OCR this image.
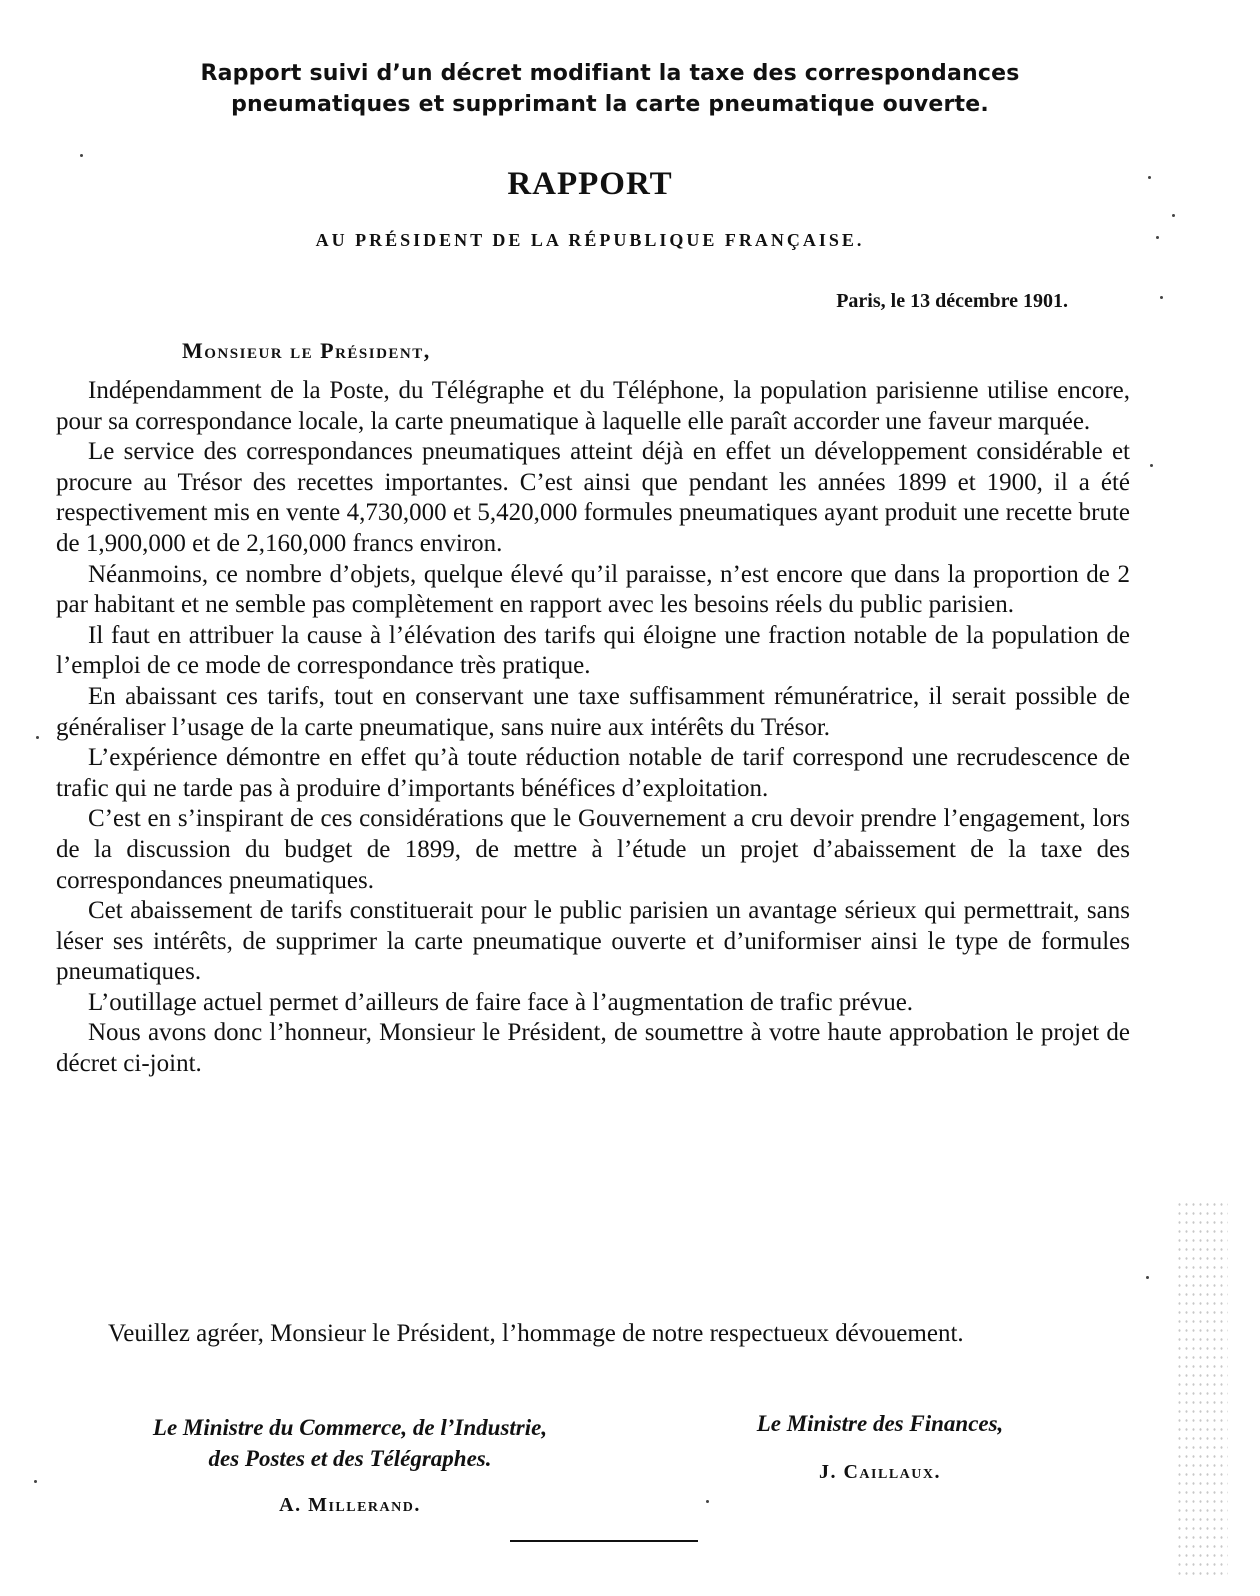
Rapport suivi d’un décret modifiant la taxe des correspondances
pneumatiques et supprimant la carte pneumatique ouverte.
RAPPORT
AU PRÉSIDENT DE LA RÉPUBLIQUE FRANÇAISE.
Paris, le 13 décembre 1901.
Monsieur le Président,

Indépendamment de la Poste, du Télégraphe et du Téléphone, la population parisienne utilise encore, pour sa correspondance locale, la carte pneumatique à laquelle elle paraît accorder une faveur marquée.

Le service des correspondances pneumatiques atteint déjà en effet un développement considérable et procure au Trésor des recettes importantes. C’est ainsi que pendant les années 1899 et 1900, il a été respectivement mis en vente 4,730,000 et 5,420,000 formules pneumatiques ayant produit une recette brute de 1,900,000 et de 2,160,000 francs environ.

Néanmoins, ce nombre d’objets, quelque élevé qu’il paraisse, n’est encore que dans la proportion de 2 par habitant et ne semble pas complètement en rapport avec les besoins réels du public parisien.

Il faut en attribuer la cause à l’élévation des tarifs qui éloigne une fraction notable de la population de l’emploi de ce mode de correspondance très pratique.

En abaissant ces tarifs, tout en conservant une taxe suffisamment rémunératrice, il serait possible de généraliser l’usage de la carte pneumatique, sans nuire aux intérêts du Trésor.

L’expérience démontre en effet qu’à toute réduction notable de tarif correspond une recrudescence de trafic qui ne tarde pas à produire d’importants bénéfices d’exploitation.

C’est en s’inspirant de ces considérations que le Gouvernement a cru devoir prendre l’engagement, lors de la discussion du budget de 1899, de mettre à l’étude un projet d’abaissement de la taxe des correspondances pneumatiques.

Cet abaissement de tarifs constituerait pour le public parisien un avantage sérieux qui permettrait, sans léser ses intérêts, de supprimer la carte pneumatique ouverte et d’uniformiser ainsi le type de formules pneumatiques.

L’outillage actuel permet d’ailleurs de faire face à l’augmentation de trafic prévue.

Nous avons donc l’honneur, Monsieur le Président, de soumettre à votre haute approbation le projet de décret ci-joint.

Veuillez agréer, Monsieur le Président, l’hommage de notre respectueux dévouement.

Le Ministre du Commerce, de l’Industrie,
des Postes et des Télégraphes.
A. Millerand.
Le Ministre des Finances,
J. Caillaux.
